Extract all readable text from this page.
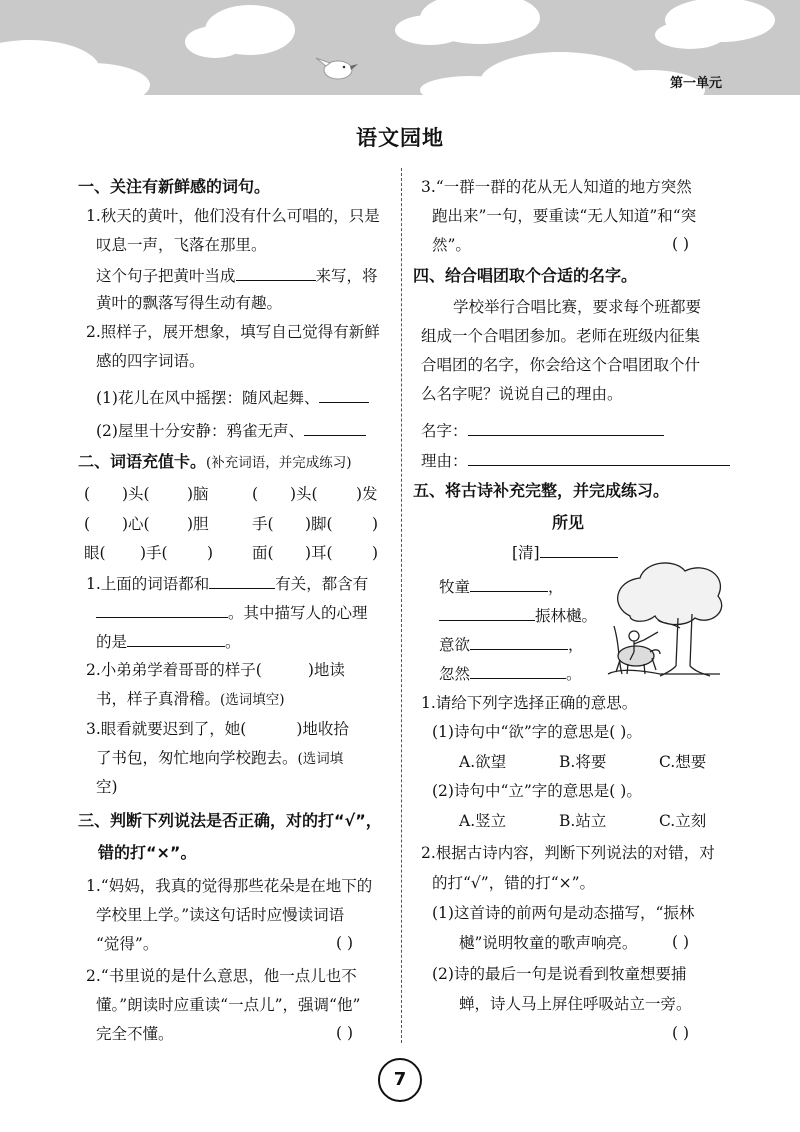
第一单元
语文园地
一、关注有新鲜感的词句。
1.秋天的黄叶，他们没有什么可唱的，只是
叹息一声，飞落在那里。
这个句子把黄叶当成	来写，将
黄叶的飘落写得生动有趣。
2.照样子，展开想象，填写自己觉得有新鲜
感的四字词语。
(1)花儿在风中摇摆：随风起舞、
(2)屋里十分安静：鸦雀无声、
二、词语充值卡。(补充词语，并完成练习)
( )头( )脑	( )头( )发
( )心( )胆	手( )脚(	)
眼( )手(	)	面( )耳(	)
1.上面的词语都和	有关，都含有
。其中描写人的心理
的是	。
2.小弟弟学着哥哥的样子(	)地读
书，样子真滑稽。(选词填空)
3.眼看就要迟到了，她(	)地收拾
了书包，匆忙地向学校跑去。(选词填
空)
三、判断下列说法是否正确，对的打“√”，
错的打“×”。
1.“妈妈，我真的觉得那些花朵是在地下的
学校里上学。”读这句话时应慢读词语
“觉得”。	( )
2.“书里说的是什么意思，他一点儿也不
懂。”朗读时应重读“一点儿”，强调“他”
完全不懂。	( )
3.“一群一群的花从无人知道的地方突然
跑出来”一句，要重读“无人知道”和“突
然”。	( )
四、给合唱团取个合适的名字。
学校举行合唱比赛，要求每个班都要
组成一个合唱团参加。老师在班级内征集
合唱团的名字，你会给这个合唱团取个什
么名字呢？说说自己的理由。
名字：
理由：
五、将古诗补充完整，并完成练习。
所见
[清]
牧童	，
振林樾。
意欲	，
忽然	。
1.请给下列字选择正确的意思。
(1)诗句中“欲”字的意思是( )。
A.欲望	B.将要	C.想要
(2)诗句中“立”字的意思是( )。
A.竖立	B.站立	C.立刻
2.根据古诗内容，判断下列说法的对错，对
的打“√”，错的打“×”。
(1)这首诗的前两句是动态描写，“振林
樾”说明牧童的歌声响亮。 ( )
(2)诗的最后一句是说看到牧童想要捕
蝉，诗人马上屏住呼吸站立一旁。
( )
7
